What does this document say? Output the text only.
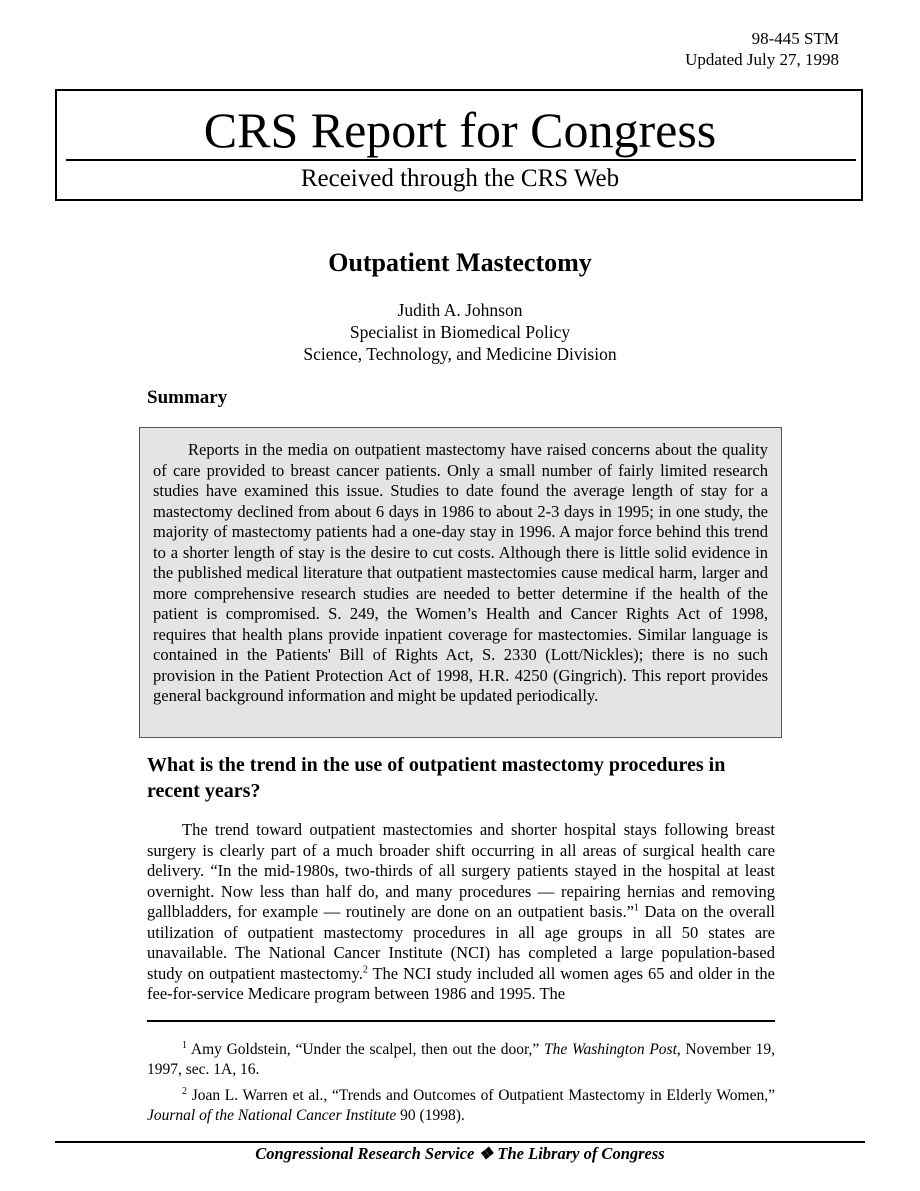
98-445 STM
Updated July 27, 1998
CRS Report for Congress
Received through the CRS Web
Outpatient Mastectomy
Judith A. Johnson
Specialist in Biomedical Policy
Science, Technology, and Medicine Division
Summary

Reports in the media on outpatient mastectomy have raised concerns about the quality of care provided to breast cancer patients. Only a small number of fairly limited research studies have examined this issue. Studies to date found the average length of stay for a mastectomy declined from about 6 days in 1986 to about 2-3 days in 1995; in one study, the majority of mastectomy patients had a one-day stay in 1996. A major force behind this trend to a shorter length of stay is the desire to cut costs. Although there is little solid evidence in the published medical literature that outpatient mastectomies cause medical harm, larger and more comprehensive research studies are needed to better determine if the health of the patient is compromised. S. 249, the Women’s Health and Cancer Rights Act of 1998, requires that health plans provide inpatient coverage for mastectomies. Similar language is contained in the Patients' Bill of Rights Act, S. 2330 (Lott/Nickles); there is no such provision in the Patient Protection Act of 1998, H.R. 4250 (Gingrich). This report provides general background information and might be updated periodically.

What is the trend in the use of outpatient mastectomy procedures in recent years?

The trend toward outpatient mastectomies and shorter hospital stays following breast surgery is clearly part of a much broader shift occurring in all areas of surgical health care delivery. “In the mid-1980s, two-thirds of all surgery patients stayed in the hospital at least overnight. Now less than half do, and many procedures — repairing hernias and removing gallbladders, for example — routinely are done on an outpatient basis.”$^1$ Data on the overall utilization of outpatient mastectomy procedures in all age groups in all 50 states are unavailable. The National Cancer Institute (NCI) has completed a large population-based study on outpatient mastectomy.$^2$ The NCI study included all women ages 65 and older in the fee-for-service Medicare program between 1986 and 1995. The

$^1$ Amy Goldstein, “Under the scalpel, then out the door,” The Washington Post, November 19, 1997, sec. 1A, 16.

$^2$ Joan L. Warren et al., “Trends and Outcomes of Outpatient Mastectomy in Elderly Women,” Journal of the National Cancer Institute 90 (1998).

Congressional Research Service ❖ The Library of Congress
